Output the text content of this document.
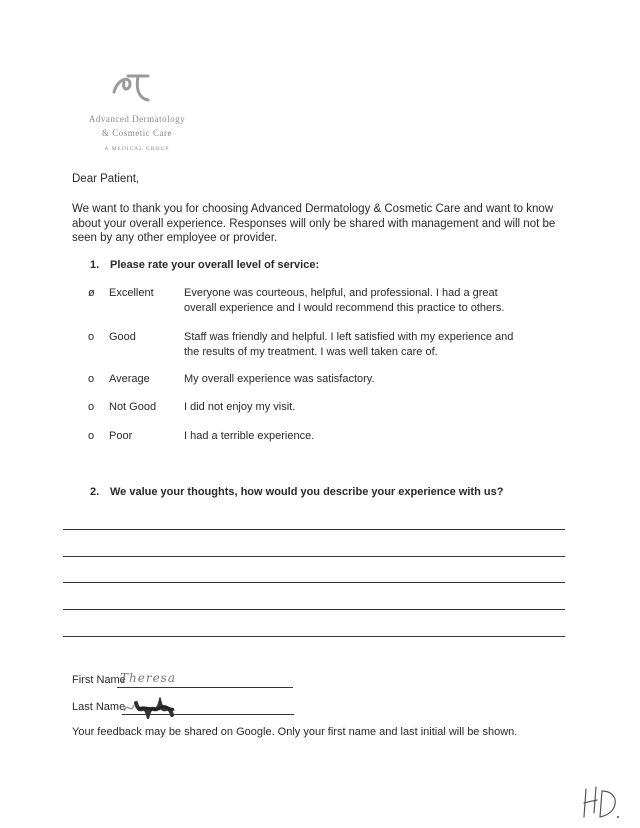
Advanced Dermatology
& Cosmetic Care
A MEDICAL GROUP
Dear Patient,
We want to thank you for choosing Advanced Dermatology & Cosmetic Care and want to know about your overall experience. Responses will only be shared with management and will not be seen by any other employee or provider.
1. Please rate your overall level of service:
ø Excellent	Everyone was courteous, helpful, and professional. I had a great overall experience and I would recommend this practice to others.
o Good	Staff was friendly and helpful. I left satisfied with my experience and the results of my treatment. I was well taken care of.
o Average	My overall experience was satisfactory.
o Not Good	I did not enjoy my visit.
o Poor	I had a terrible experience.
2. We value your thoughts, how would you describe your experience with us?
First Name
Theresa
Last Name
Your feedback may be shared on Google. Only your first name and last initial will be shown.
